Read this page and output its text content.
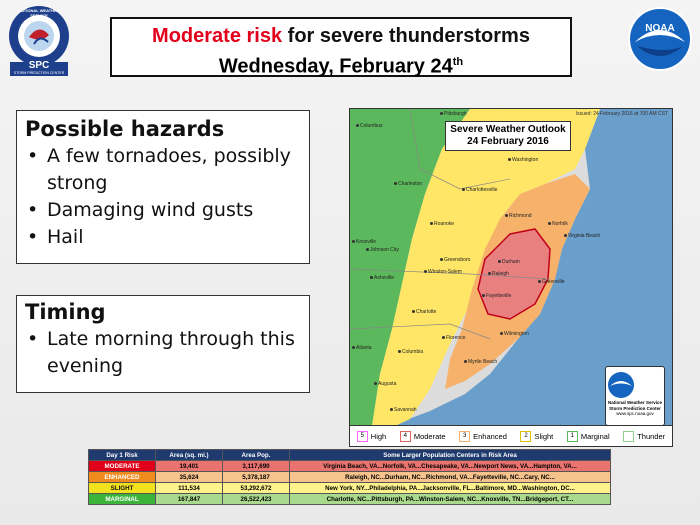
NATIONAL WEATHER SERVICE
SPC
STORM PREDICTION CENTER
NOAA
Moderate risk for severe thunderstorms
Wednesday, February 24th
Possible hazards
• A few tornadoes, possibly strong
• Damaging wind gusts
• Hail
Timing
• Late morning through this evening
Issued: 24 February 2016 at 700 AM CST
Severe Weather Outlook
24 February 2016
Columbus
Pittsburgh
Washington
Charleston
Charlottesville
Richmond
Roanoke	Norfolk
Virginia Beach
Raleigh
Greenville
Fayetteville
Wilmington
Charlotte
Greensboro
Winston-Salem
Asheville
Knoxville
Columbia
Florence
Myrtle Beach
Augusta
Savannah
Atlanta
Johnson City
Durham
National Weather Service
Storm Prediction Center
www.spc.noaa.gov
5 High	4 Moderate	3 Enhanced	2 Slight	1 Marginal	Thunder
Day 1 Risk	Area (sq. mi.)	Area Pop.	Some Larger Population Centers in Risk Area
MODERATE	19,401	3,117,690	Virginia Beach, VA...Norfolk, VA...Chesapeake, VA...Newport News, VA...Hampton, VA...
ENHANCED	35,624	5,378,187	Raleigh, NC...Durham, NC...Richmond, VA...Fayetteville, NC...Cary, NC...
SLIGHT	111,534	53,292,672	New York, NY...Philadelphia, PA...Jacksonville, FL...Baltimore, MD...Washington, DC...
MARGINAL	167,847	26,522,423	Charlotte, NC...Pittsburgh, PA...Winston-Salem, NC...Knoxville, TN...Bridgeport, CT...
